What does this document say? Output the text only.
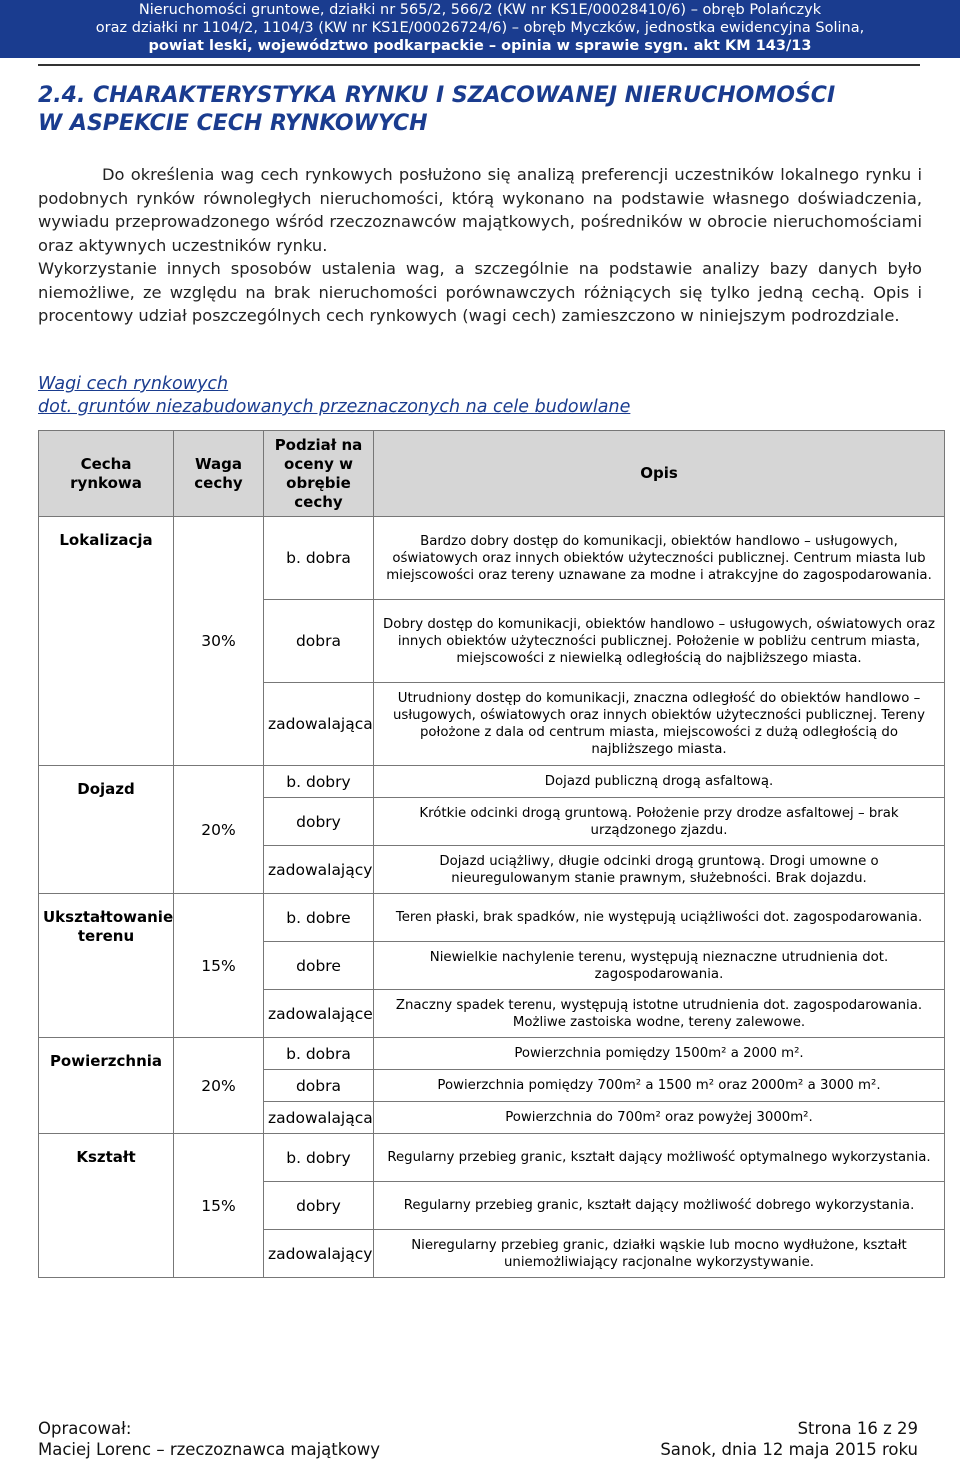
Nieruchomości gruntowe, działki nr 565/2, 566/2 (KW nr KS1E/00028410/6) – obręb Polańczyk
oraz działki nr 1104/2, 1104/3 (KW nr KS1E/00026724/6) – obręb Myczków, jednostka ewidencyjna Solina,
powiat leski, województwo podkarpackie – opinia w sprawie sygn. akt KM 143/13
2.4. CHARAKTERYSTYKA RYNKU I SZACOWANEJ NIERUCHOMOŚCI
W ASPEKCIE CECH RYNKOWYCH

Do określenia wag cech rynkowych posłużono się analizą preferencji uczestników lokalnego rynku i podobnych rynków równoległych nieruchomości, którą wykonano na podstawie własnego doświadczenia, wywiadu przeprowadzonego wśród rzeczoznawców majątkowych, pośredników w obrocie nieruchomościami oraz aktywnych uczestników rynku.

Wykorzystanie innych sposobów ustalenia wag, a szczególnie na podstawie analizy bazy danych było niemożliwe, ze względu na brak nieruchomości porównawczych różniących się tylko jedną cechą. Opis i procentowy udział poszczególnych cech rynkowych (wagi cech) zamieszczono w niniejszym podrozdziale.

Wagi cech rynkowych
dot. gruntów niezabudowanych przeznaczonych na cele budowlane
Cecha rynkowa	Waga cechy	Podział na oceny w obrębie cechy	Opis
Lokalizacja	30%	b. dobra	Bardzo dobry dostęp do komunikacji, obiektów handlowo – usługowych, oświatowych oraz innych obiektów użyteczności publicznej. Centrum miasta lub miejscowości oraz tereny uznawane za modne i atrakcyjne do zagospodarowania.
		dobra	Dobry dostęp do komunikacji, obiektów handlowo – usługowych, oświatowych oraz innych obiektów użyteczności publicznej. Położenie w pobliżu centrum miasta, miejscowości z niewielką odległością do najbliższego miasta.
		zadowalająca	Utrudniony dostęp do komunikacji, znaczna odległość do obiektów handlowo – usługowych, oświatowych oraz innych obiektów użyteczności publicznej. Tereny położone z dala od centrum miasta, miejscowości z dużą odległością do najbliższego miasta.
Dojazd	20%	b. dobry	Dojazd publiczną drogą asfaltową.
		dobry	Krótkie odcinki drogą gruntową. Położenie przy drodze asfaltowej – brak urządzonego zjazdu.
		zadowalający	Dojazd uciążliwy, długie odcinki drogą gruntową. Drogi umowne o nieuregulowanym stanie prawnym, służebności. Brak dojazdu.
Ukształtowanie terenu	15%	b. dobre	Teren płaski, brak spadków, nie występują uciążliwości dot. zagospodarowania.
		dobre	Niewielkie nachylenie terenu, występują nieznaczne utrudnienia dot. zagospodarowania.
		zadowalające	Znaczny spadek terenu, występują istotne utrudnienia dot. zagospodarowania. Możliwe zastoiska wodne, tereny zalewowe.
Powierzchnia	20%	b. dobra	Powierzchnia pomiędzy 1500m² a 2000 m².
		dobra	Powierzchnia pomiędzy 700m² a 1500 m² oraz 2000m² a 3000 m².
		zadowalająca	Powierzchnia do 700m² oraz powyżej 3000m².
Kształt	15%	b. dobry	Regularny przebieg granic, kształt dający możliwość optymalnego wykorzystania.
		dobry	Regularny przebieg granic, kształt dający możliwość dobrego wykorzystania.
		zadowalający	Nieregularny przebieg granic, działki wąskie lub mocno wydłużone, kształt uniemożliwiający racjonalne wykorzystywanie.
Opracował:
Maciej Lorenc – rzeczoznawca majątkowy
Strona 16 z 29
Sanok, dnia 12 maja 2015 roku
